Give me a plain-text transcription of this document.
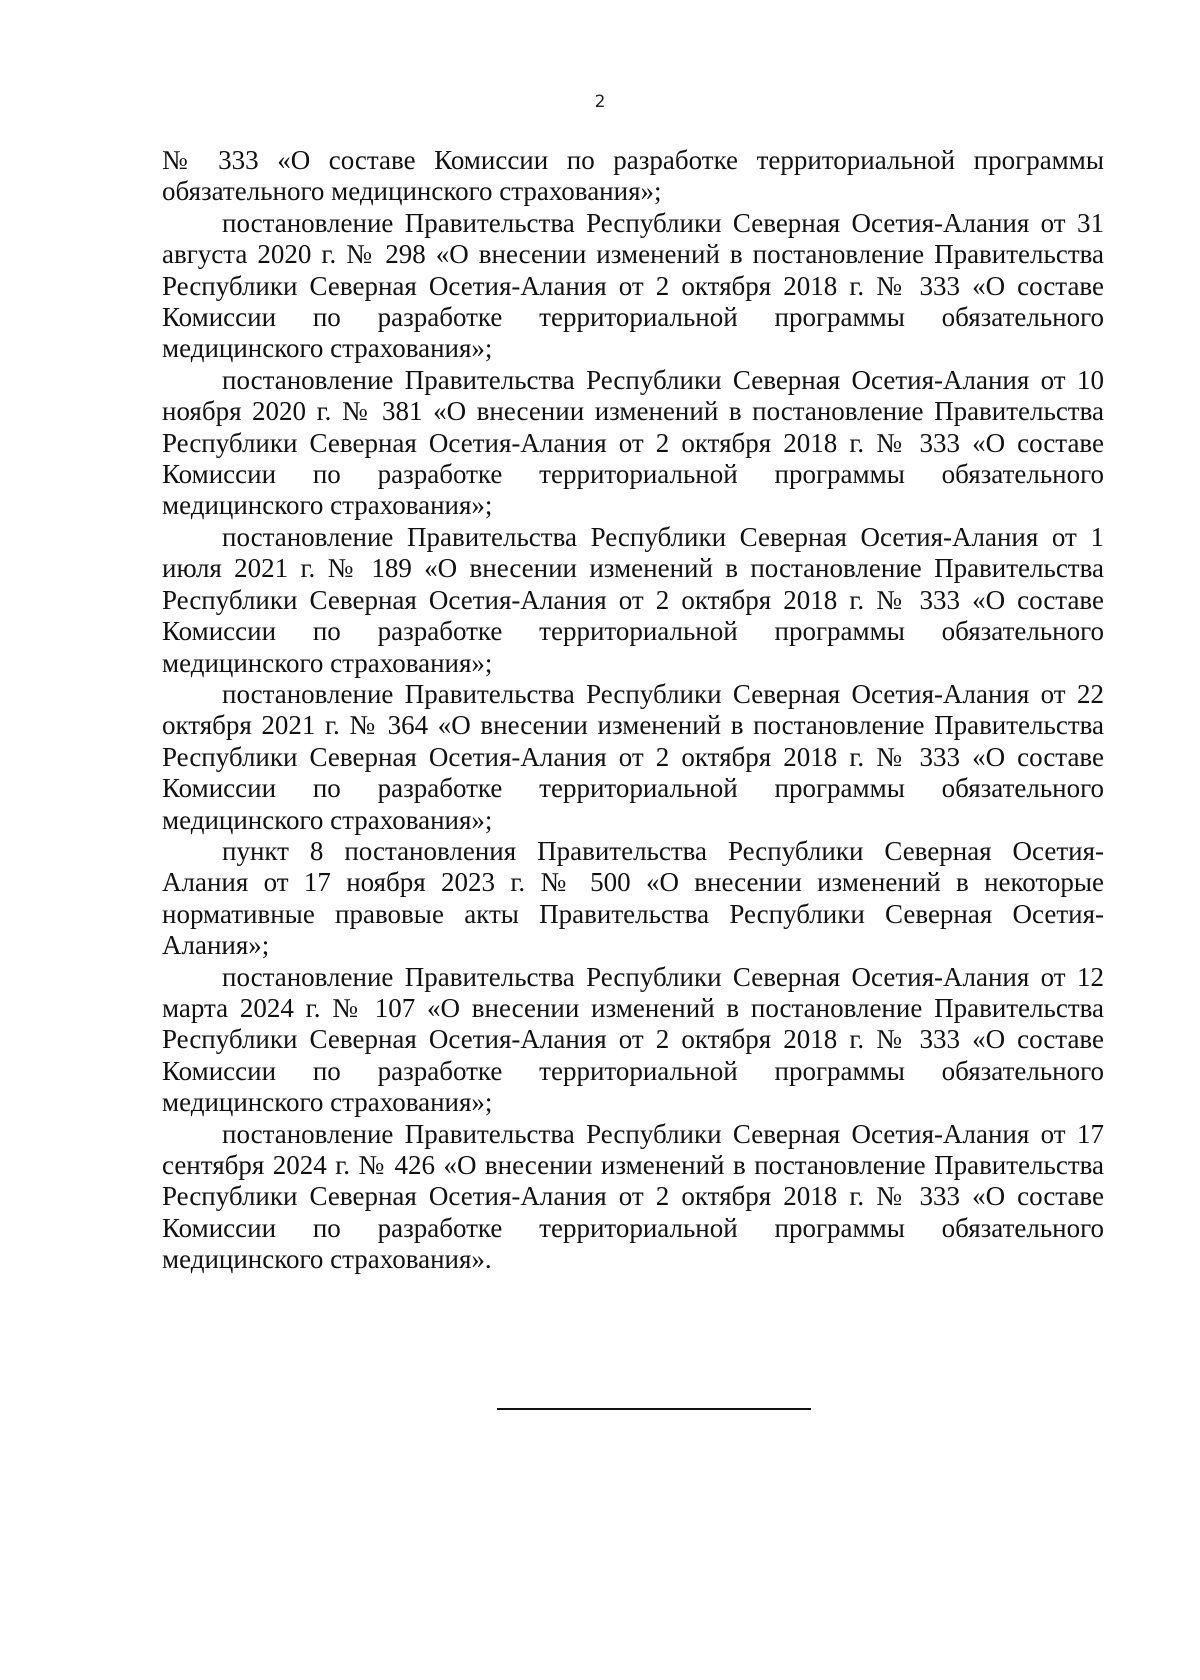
2

№ 333 «О составе Комиссии по разработке территориальной программы обязательного медицинского страхования»;

постановление Правительства Республики Северная Осетия-Алания от 31 августа 2020 г. № 298 «О внесении изменений в постановление Правительства Республики Северная Осетия-Алания от 2 октября 2018 г. № 333 «О составе Комиссии по разработке территориальной программы обязательного медицинского страхования»;

постановление Правительства Республики Северная Осетия-Алания от 10 ноября 2020 г. № 381 «О внесении изменений в постановление Правительства Республики Северная Осетия-Алания от 2 октября 2018 г. № 333 «О составе Комиссии по разработке территориальной программы обязательного медицинского страхования»;

постановление Правительства Республики Северная Осетия-Алания от 1 июля 2021 г. № 189 «О внесении изменений в постановление Правительства Республики Северная Осетия-Алания от 2 октября 2018 г. № 333 «О составе Комиссии по разработке территориальной программы обязательного медицинского страхования»;

постановление Правительства Республики Северная Осетия-Алания от 22 октября 2021 г. № 364 «О внесении изменений в постановление Правительства Республики Северная Осетия-Алания от 2 октября 2018 г. № 333 «О составе Комиссии по разработке территориальной программы обязательного медицинского страхования»;

пункт 8 постановления Правительства Республики Северная Осетия-Алания от 17 ноября 2023 г. № 500 «О внесении изменений в некоторые нормативные правовые акты Правительства Республики Северная Осетия-Алания»;

постановление Правительства Республики Северная Осетия-Алания от 12 марта 2024 г. № 107 «О внесении изменений в постановление Правительства Республики Северная Осетия-Алания от 2 октября 2018 г. № 333 «О составе Комиссии по разработке территориальной программы обязательного медицинского страхования»;

постановление Правительства Республики Северная Осетия-Алания от 17 сентября 2024 г. № 426 «О внесении изменений в постановление Правительства Республики Северная Осетия-Алания от 2 октября 2018 г. № 333 «О составе Комиссии по разработке территориальной программы обязательного медицинского страхования».
